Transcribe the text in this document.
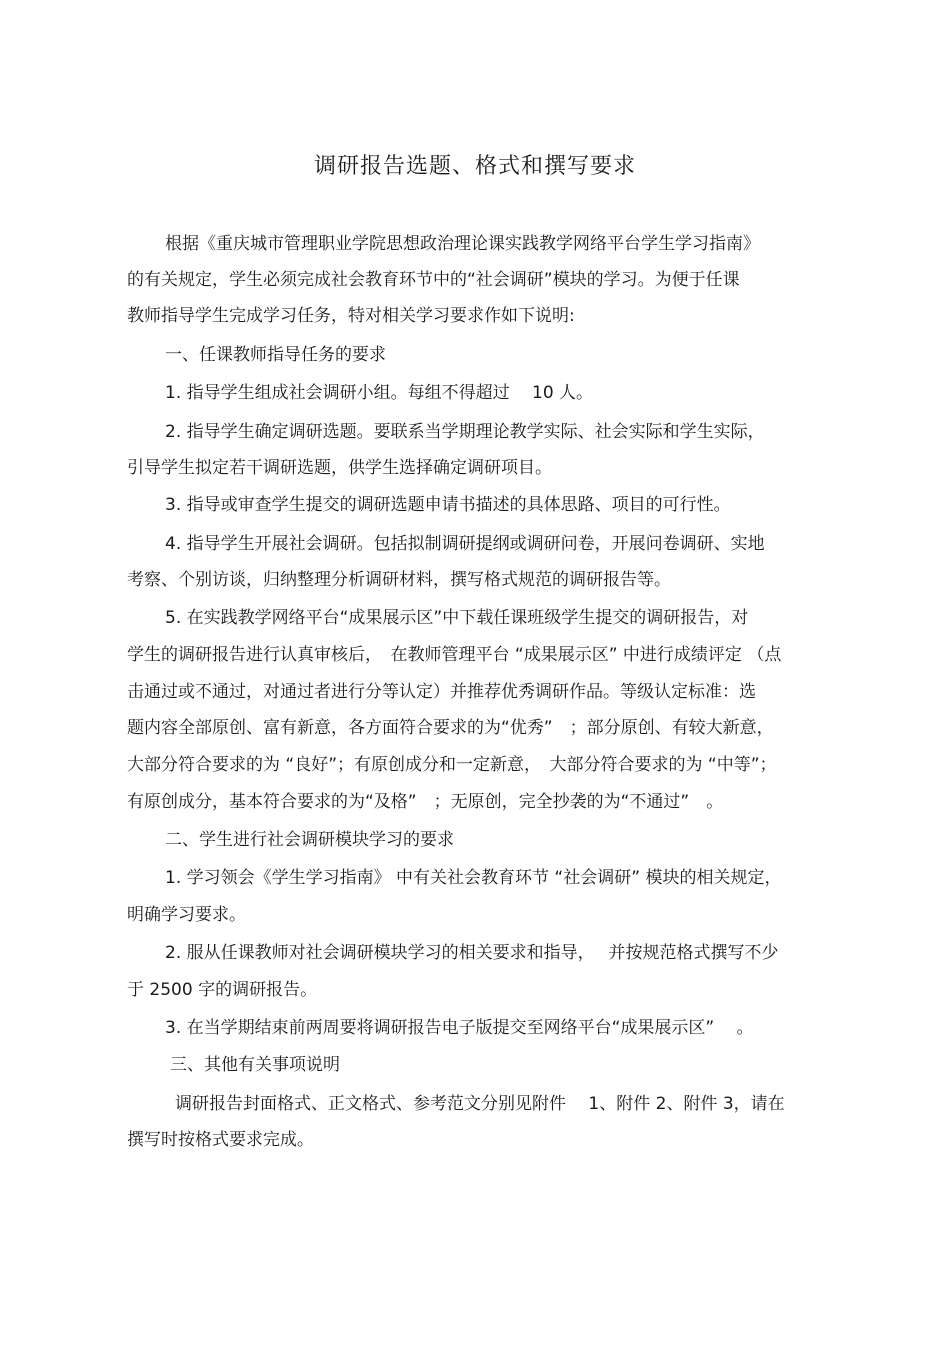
调研报告选题、格式和撰写要求
根据《重庆城市管理职业学院思想政治理论课实践教学网络平台学生学习指南》
的有关规定，学生必须完成社会教育环节中的“社会调研”模块的学习。为便于任课
教师指导学生完成学习任务，特对相关学习要求作如下说明:
一、任课教师指导任务的要求
1. 指导学生组成社会调研小组。每组不得超过　 10 人。
2. 指导学生确定调研选题。要联系当学期理论教学实际、社会实际和学生实际，
引导学生拟定若干调研选题，供学生选择确定调研项目。
3. 指导或审查学生提交的调研选题申请书描述的具体思路、项目的可行性。
4. 指导学生开展社会调研。包括拟制调研提纲或调研问卷，开展问卷调研、实地
考察、个别访谈，归纳整理分析调研材料，撰写格式规范的调研报告等。
5. 在实践教学网络平台“成果展示区”中下载任课班级学生提交的调研报告，对
学生的调研报告进行认真审核后，　在教师管理平台 “成果展示区” 中进行成绩评定 （点
击通过或不通过，对通过者进行分等认定）并推荐优秀调研作品。等级认定标准：选
题内容全部原创、富有新意，各方面符合要求的为“优秀”　；部分原创、有较大新意，
大部分符合要求的为 “良好”；有原创成分和一定新意，　大部分符合要求的为 “中等”；
有原创成分，基本符合要求的为“及格”　；无原创，完全抄袭的为“不通过”　。
二、学生进行社会调研模块学习的要求
1. 学习领会《学生学习指南》 中有关社会教育环节 “社会调研” 模块的相关规定，
明确学习要求。
2. 服从任课教师对社会调研模块学习的相关要求和指导，　 并按规范格式撰写不少
于 2500 字的调研报告。
3. 在当学期结束前两周要将调研报告电子版提交至网络平台“成果展示区”　 。
三、其他有关事项说明
调研报告封面格式、正文格式、参考范文分别见附件　 1、附件 2、附件 3，请在
撰写时按格式要求完成。
